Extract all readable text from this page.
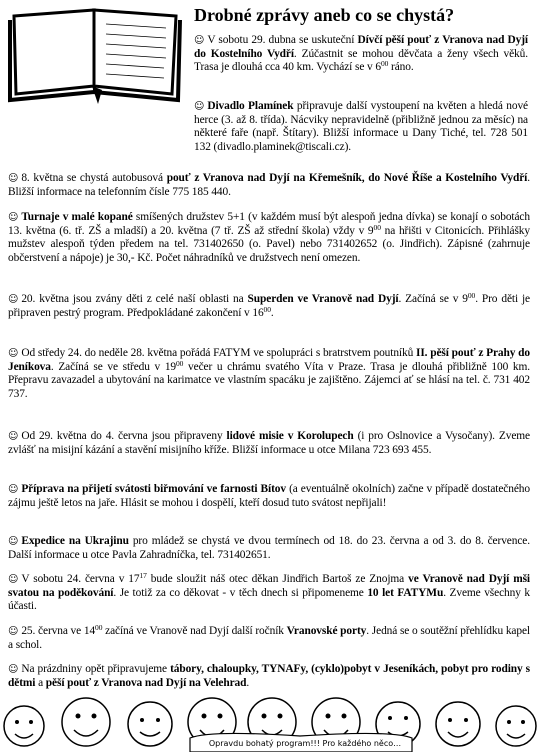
Drobné zprávy aneb co se chystá?

☺ V sobotu 29. dubna se uskuteční Dívčí pěší pouť z Vranova nad Dyjí do Kostelního Vydří. Zúčastnit se mohou děvčata a ženy všech věků. Trasa je dlouhá cca 40 km. Vychází se v $6^{00}$ ráno.

☺ Divadlo Plamínek připravuje další vystoupení na květen a hledá nové herce (3. až 8. třída). Nácviky nepravidelně (přibližně jednou za měsíc) na některé faře (např. Štítary). Bližší informace u Dany Tiché, tel. 728 501 132 (divadlo.plaminek@tiscali.cz).

☺ 8. května se chystá autobusová pouť z Vranova nad Dyjí na Křemešník, do Nové Říše a Kostelního Vydří. Bližší informace na telefonním čísle 775 185 440.

☺ Turnaje v malé kopané smíšených družstev 5+1 (v každém musí být alespoň jedna dívka) se konají o sobotách 13. května (6. tř. ZŠ a mladší) a 20. května (7 tř. ZŠ až střední škola) vždy v $9^{00}$ na hřišti v Citonicích. Přihlášky mužstev alespoň týden předem na tel. 731402650 (o. Pavel) nebo 731402652 (o. Jindřich). Zápisné (zahrnuje občerstvení a nápoje) je 30,- Kč. Počet náhradníků ve družstvech není omezen.

☺ 20. května jsou zvány děti z celé naší oblasti na Superden ve Vranově nad Dyjí. Začíná se v $9^{00}$. Pro děti je připraven pestrý program. Předpokládané zakončení v $16^{00}$.

☺ Od středy 24. do neděle 28. května pořádá FATYM ve spolupráci s bratrstvem poutníků II. pěší pouť z Prahy do Jeníkova. Začíná se ve středu v $19^{00}$ večer u chrámu svatého Víta v Praze. Trasa je dlouhá přibližně 100 km. Přepravu zavazadel a ubytování na karimatce ve vlastním spacáku je zajištěno. Zájemci ať se hlásí na tel. č. 731 402 737.

☺ Od 29. května do 4. června jsou připraveny lidové misie v Korolupech (i pro Oslnovice a Vysočany). Zveme zvlášť na misijní kázání a stavění misijního kříže. Bližší informace u otce Milana 723 693 455.

☺ Příprava na přijetí svátosti biřmování ve farnosti Bítov (a eventuálně okolních) začne v případě dostatečného zájmu ještě letos na jaře. Hlásit se mohou i dospělí, kteří dosud tuto svátost nepřijali!

☺ Expedice na Ukrajinu pro mládež se chystá ve dvou termínech od 18. do 23. června a od 3. do 8. července. Další informace u otce Pavla Zahradníčka, tel. 731402651.

☺ V sobotu 24. června v $17^{17}$ bude sloužit náš otec děkan Jindřich Bartoš ze Znojma ve Vranově nad Dyjí mši svatou na poděkování. Je totiž za co děkovat - v těch dnech si připomeneme 10 let FATYMu. Zveme všechny k účasti.

☺ 25. června ve $14^{00}$ začíná ve Vranově nad Dyjí další ročník Vranovské porty. Jedná se o soutěžní přehlídku kapel a schol.

☺ Na prázdniny opět připravujeme tábory, chaloupky, TYNAFy, (cyklo)pobyt v Jeseníkách, pobyt pro rodiny s dětmi a pěší pouť z Vranova nad Dyjí na Velehrad.

Opravdu bohatý program!!! Pro každého něco…
